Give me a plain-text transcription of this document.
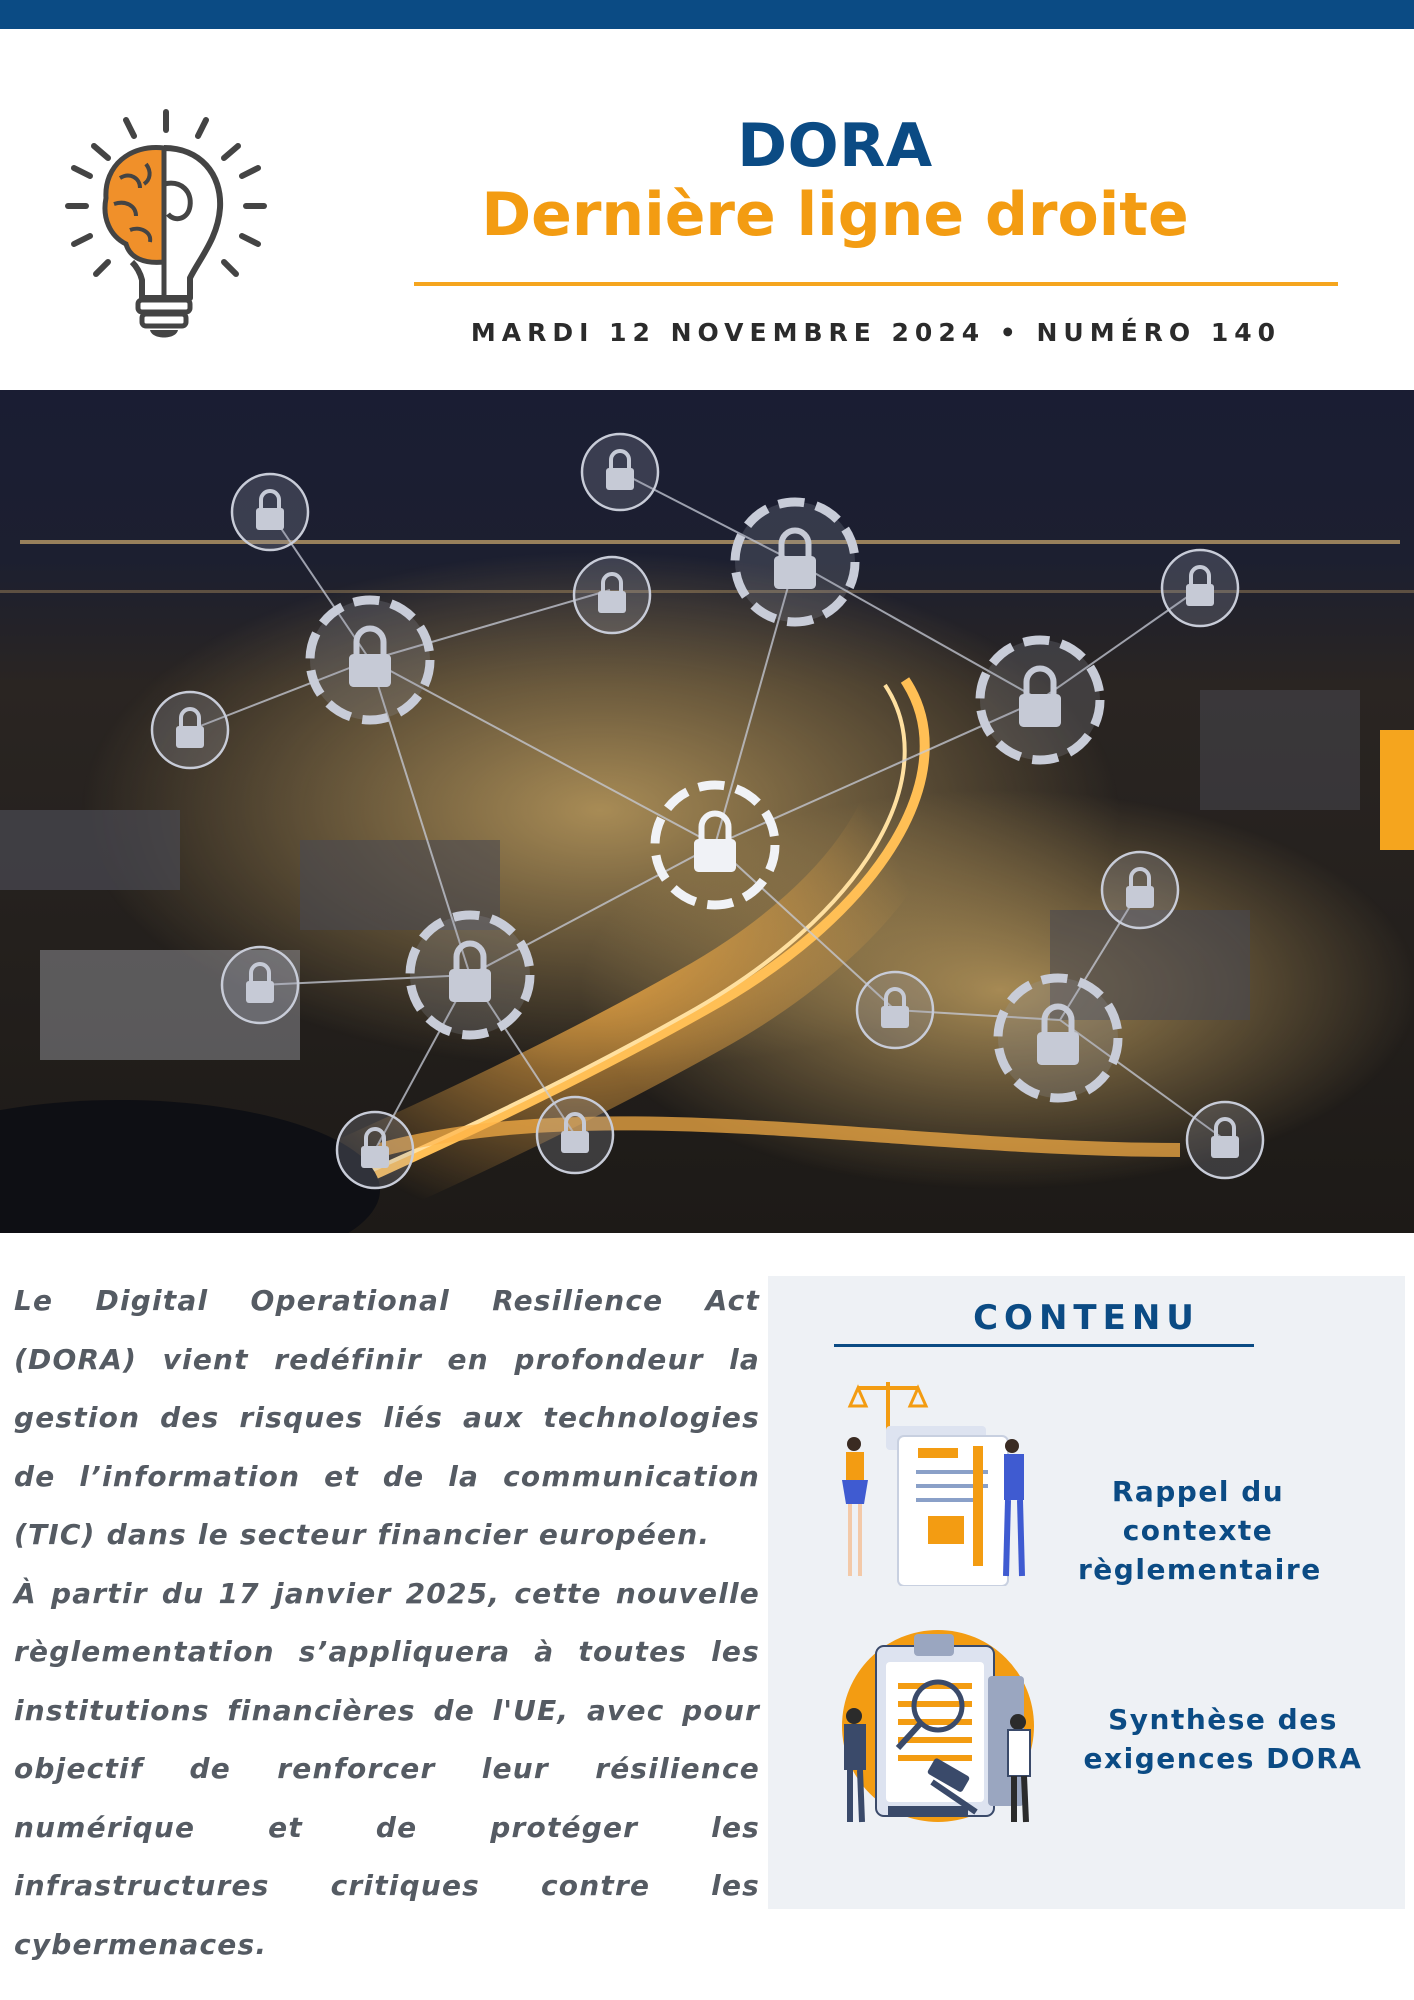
DORA
Dernière ligne droite
MARDI 12 NOVEMBRE 2024 • NUMÉRO 140

Le Digital Operational Resilience Act (DORA) vient redéfinir en profondeur la gestion des risques liés aux technologies de l’information et de la communication (TIC) dans le secteur financier européen.

À partir du 17 janvier 2025, cette nouvelle règlementation s’appliquera à toutes les institutions financières de l'UE, avec pour objectif de renforcer leur résilience numérique et de protéger les infrastructures critiques contre les cybermenaces.

CONTENU
Rappel du
contexte
règlementaire
Synthèse des
exigences DORA
